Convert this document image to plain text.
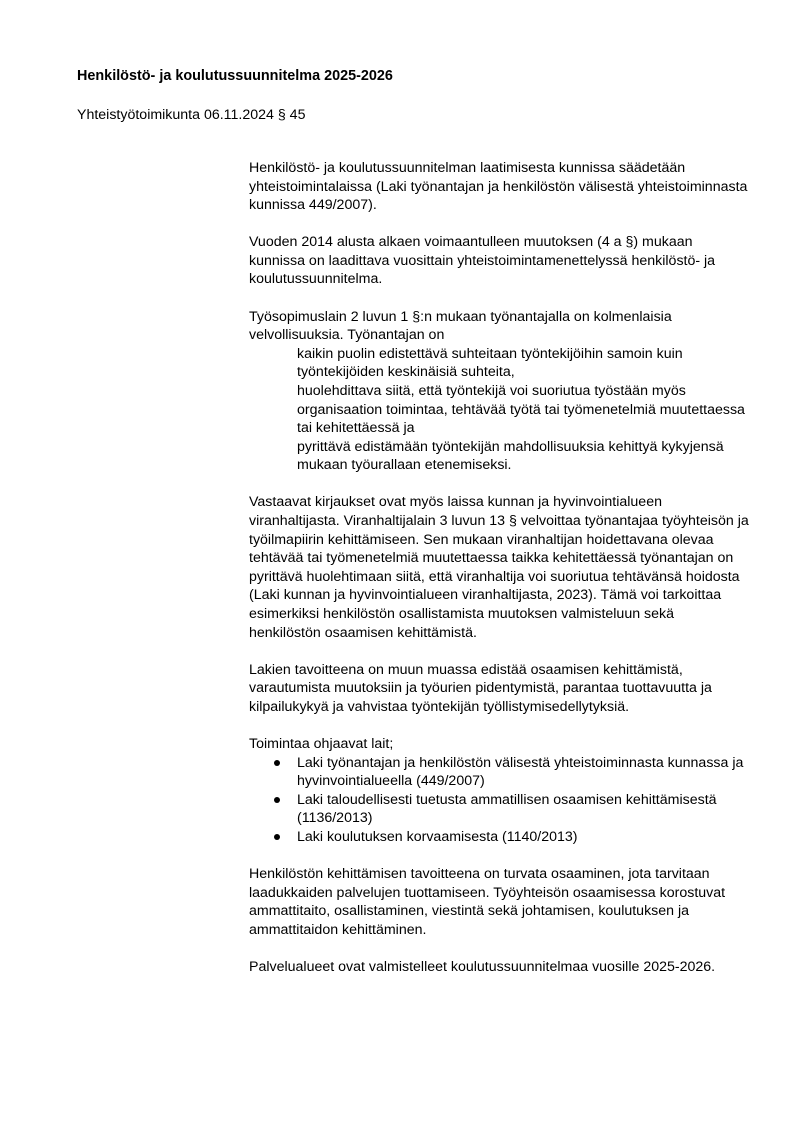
Henkilöstö- ja koulutussuunnitelma 2025-2026
Yhteistyötoimikunta 06.11.2024 § 45

Henkilöstö- ja koulutussuunnitelman laatimisesta kunnissa säädetään yhteistoimintalaissa (Laki työnantajan ja henkilöstön välisestä yhteistoiminnasta kunnissa 449/2007).

Vuoden 2014 alusta alkaen voimaantulleen muutoksen (4 a §) mukaan kunnissa on laadittava vuosittain yhteistoimintamenettelyssä henkilöstö- ja koulutussuunnitelma.

Työsopimuslain 2 luvun 1 §:n mukaan työnantajalla on kolmenlaisia velvollisuuksia. Työnantajan on

kaikin puolin edistettävä suhteitaan työntekijöihin samoin kuin työntekijöiden keskinäisiä suhteita,
huolehdittava siitä, että työntekijä voi suoriutua työstään myös organisaation toimintaa, tehtävää työtä tai työmenetelmiä muutettaessa tai kehitettäessä ja
pyrittävä edistämään työntekijän mahdollisuuksia kehittyä kykyjensä mukaan työurallaan etenemiseksi.

Vastaavat kirjaukset ovat myös laissa kunnan ja hyvinvointialueen viranhaltijasta. Viranhaltijalain 3 luvun 13 § velvoittaa työnantajaa työyhteisön ja työilmapiirin kehittämiseen. Sen mukaan viranhaltijan hoidettavana olevaa tehtävää tai työmenetelmiä muutettaessa taikka kehitettäessä työnantajan on pyrittävä huolehtimaan siitä, että viranhaltija voi suoriutua tehtävänsä hoidosta (Laki kunnan ja hyvinvointialueen viranhaltijasta, 2023). Tämä voi tarkoittaa esimerkiksi henkilöstön osallistamista muutoksen valmisteluun sekä henkilöstön osaamisen kehittämistä.

Lakien tavoitteena on muun muassa edistää osaamisen kehittämistä, varautumista muutoksiin ja työurien pidentymistä, parantaa tuottavuutta ja kilpailukykyä ja vahvistaa työntekijän työllistymisedellytyksiä.

Toimintaa ohjaavat lait;

Laki työnantajan ja henkilöstön välisestä yhteistoiminnasta kunnassa ja hyvinvointialueella (449/2007)
Laki taloudellisesti tuetusta ammatillisen osaamisen kehittämisestä (1136/2013)
Laki koulutuksen korvaamisesta (1140/2013)

Henkilöstön kehittämisen tavoitteena on turvata osaaminen, jota tarvitaan laadukkaiden palvelujen tuottamiseen. Työyhteisön osaamisessa korostuvat ammattitaito, osallistaminen, viestintä sekä johtamisen, koulutuksen ja ammattitaidon kehittäminen.

Palvelualueet ovat valmistelleet koulutussuunnitelmaa vuosille 2025-2026.
